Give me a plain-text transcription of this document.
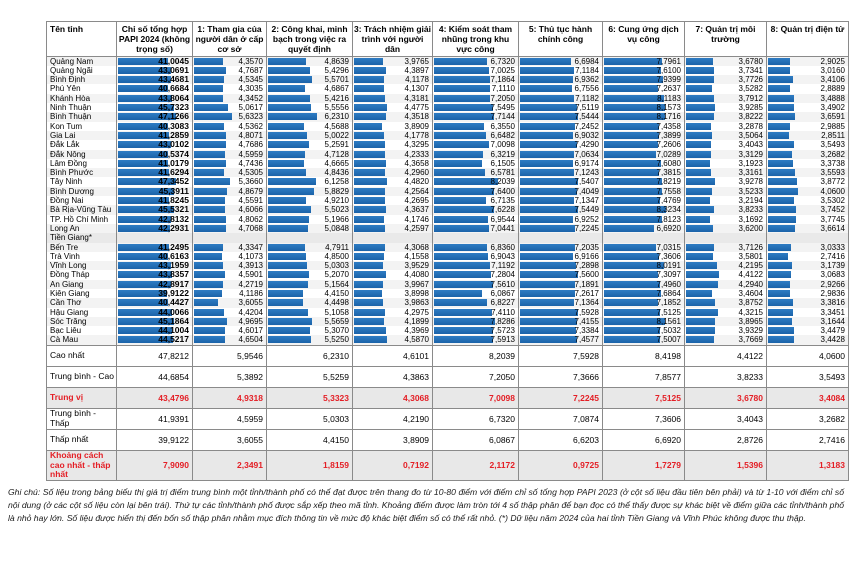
Tên tỉnh	Chỉ số tổng hợp PAPI 2024 (không trọng số)	1: Tham gia của người dân ở cấp cơ sở	2: Công khai, minh bạch trong việc ra quyết định	3: Trách nhiệm giải trình với người dân	4: Kiểm soát tham nhũng trong khu vực công	5: Thủ tục hành chính công	6: Cung ứng dịch vụ công	7: Quản trị môi trường	8: Quản trị điện tử
Quảng Nam	41,0045	4,3570	4,8639	3,9765	6,7320	6,6984	7,7961	3,6780	2,9025

Quảng Ngãi	43,0691	4,7687	5,4296	4,3897	7,0025	7,1184	7,6100	3,7341	3,0160

Bình Định	43,4681	4,5345	5,5701	4,1178	7,1864	6,9362	7,9399	3,7726	3,4106

Phú Yên	40,6684	4,3035	4,6867	4,1307	7,1110	6,7556	7,2637	3,5282	2,8889

Khánh Hòa	43,8064	4,3452	5,4216	4,3181	7,2050	7,1182	8,1183	3,7912	3,4888

Ninh Thuận	45,7323	5,0617	5,5556	4,4775	7,5495	7,5119	8,1573	3,9285	3,4902

Bình Thuận	47,1266	5,6323	6,2310	4,3518	7,7144	7,5444	8,1716	3,8222	3,6591

Kon Tum	40,3083	4,5362	4,5688	3,8909	6,3550	7,2452	7,4358	3,2878	2,9885

Gia Lai	41,2859	4,8071	5,0022	4,1778	6,6482	6,9032	7,3899	3,5064	2,8511

Đắk Lắk	43,0102	4,7686	5,2591	4,3295	7,0098	7,4290	7,2606	3,4043	3,5493

Đắk Nông	40,5374	4,5959	4,7128	4,2333	6,3219	7,0634	7,0289	3,3129	3,2682

Lâm Đồng	41,0179	4,7436	4,6665	4,3658	6,1505	6,9174	7,6080	3,1923	3,3738

Bình Phước	41,6294	4,5305	4,8436	4,2960	6,5781	7,1243	7,3815	3,3161	3,5593

Tây Ninh	47,3452	5,3660	6,1258	4,4820	8,2039	7,5407	7,8219	3,9278	3,8772

Bình Dương	45,3911	4,8679	5,8829	4,2564	7,6400	7,4049	7,7558	3,5233	4,0600

Đồng Nai	41,8245	4,5591	4,9210	4,2695	6,7135	7,1347	7,4769	3,2194	3,5302

Bà Rịa-Vũng Tàu	45,5321	4,6066	5,5023	4,3637	7,6228	7,5449	8,3234	3,8233	3,7452

TP. Hồ Chí Minh	42,8132	4,8062	5,1966	4,1746	6,9544	6,9252	7,8123	3,1692	3,7745

Long An	42,2931	4,7068	5,0848	4,2597	7,0441	7,2245	6,6920	3,6200	3,6614

Tiền Giang*									
Bến Tre	41,2495	4,3347	4,7911	4,3068	6,8360	7,2035	7,0315	3,7126	3,0333

Trà Vinh	40,6163	4,1073	4,8500	4,1558	6,9043	6,9166	7,3606	3,5801	2,7416

Vĩnh Long	43,1959	4,3913	5,0303	3,9529	7,1192	7,2898	8,0191	4,2195	3,1739

Đồng Tháp	43,8357	4,5901	5,2070	4,4080	7,2804	7,5600	7,3097	4,4122	3,0683

An Giang	42,8917	4,2719	5,1564	3,9967	7,5610	7,1891	7,4960	4,2940	2,9266

Kiên Giang	39,9122	4,1186	4,4150	3,8998	6,0867	7,2617	7,6864	3,4604	2,9836

Cần Thơ	40,4427	3,6055	4,4498	3,9863	6,8227	7,1364	7,1852	3,8752	3,3816

Hậu Giang	44,0066	4,4204	5,1058	4,2975	7,4110	7,5928	7,5125	4,3215	3,3451

Sóc Trăng	45,1864	4,9695	5,5659	4,1899	7,8286	7,4155	8,1561	3,8965	3,1644

Bạc Liêu	44,1004	4,6017	5,3070	4,3969	7,5723	7,3384	7,5032	3,9329	3,4479

Cà Mau	44,5217	4,6504	5,5250	4,5870	7,5913	7,4577	7,5007	3,7669	3,4428

Cao nhất	47,8212	5,9546	6,2310	4,6101	8,2039	7,5928	8,4198	4,4122	4,0600
Trung bình - Cao	44,6854	5,3892	5,5259	4,3863	7,2050	7,3666	7,8577	3,8233	3,5493
Trung vị	43,4796	4,9318	5,3323	4,3068	7,0098	7,2245	7,5125	3,6780	3,4084
Trung bình - Thấp	41,9391	4,5959	5,0303	4,2190	6,7320	7,0874	7,3606	3,4043	3,2682
Thấp nhất	39,9122	3,6055	4,4150	3,8909	6,0867	6,6203	6,6920	2,8726	2,7416
Khoảng cách cao nhất - thấp nhất	7,9090	2,3491	1,8159	0,7192	2,1172	0,9725	1,7279	1,5396	1,3183
Ghi chú: Số liệu trong bảng biểu thị giá trị điểm trung bình một tỉnh/thành phố có thể đạt được trên thang đo từ 10-80 điểm với điểm chỉ số tổng hợp PAPI 2023 (ở cột số liệu đầu tiên bên phải) và từ 1-10 với điểm chỉ số nội dung (ở các cột số liệu còn lại bên trái). Thứ tự các tỉnh/thành phố được sắp xếp theo mã tỉnh. Khoảng điểm được làm tròn tới 4 số thập phân để bạn đọc có thể thấy được sự khác biệt về điểm giữa các tỉnh/thành phố là nhỏ hay lớn. Số liệu được hiển thị đến bốn số thập phân nhằm mục đích thông tin về mức độ khác biệt điểm số có thể rất nhỏ. (*) Dữ liệu năm 2024 của hai tỉnh Tiền Giang và Vĩnh Phúc không được thu thập.
